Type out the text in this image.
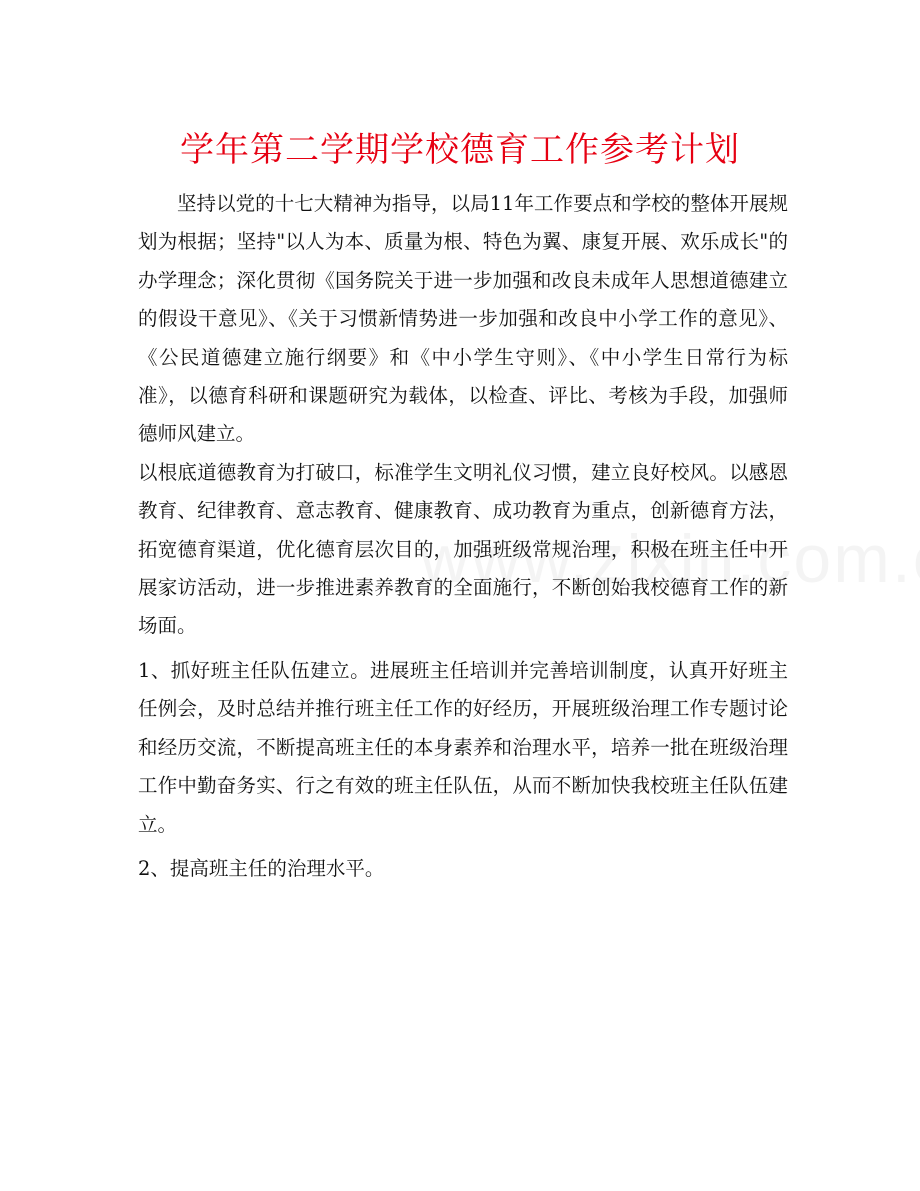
学年第二学期学校德育工作参考计划

坚持以党的十七大精神为指导，以局11年工作要点和学校的整体开展规划为根据；坚持"以人为本、质量为根、特色为翼、康复开展、欢乐成长"的办学理念；深化贯彻《国务院关于进一步加强和改良未成年人思想道德建立的假设干意见》、《关于习惯新情势进一步加强和改良中小学工作的意见》、《公民道德建立施行纲要》和《中小学生守则》、《中小学生日常行为标准》，以德育科研和课题研究为载体，以检查、评比、考核为手段，加强师德师风建立。

以根底道德教育为打破口，标准学生文明礼仪习惯，建立良好校风。以感恩教育、纪律教育、意志教育、健康教育、成功教育为重点，创新德育方法，拓宽德育渠道，优化德育层次目的，加强班级常规治理，积极在班主任中开展家访活动，进一步推进素养教育的全面施行，不断创始我校德育工作的新场面。

1、抓好班主任队伍建立。进展班主任培训并完善培训制度，认真开好班主任例会，及时总结并推行班主任工作的好经历，开展班级治理工作专题讨论和经历交流，不断提高班主任的本身素养和治理水平，培养一批在班级治理工作中勤奋务实、行之有效的班主任队伍，从而不断加快我校班主任队伍建立。

2、提高班主任的治理水平。
